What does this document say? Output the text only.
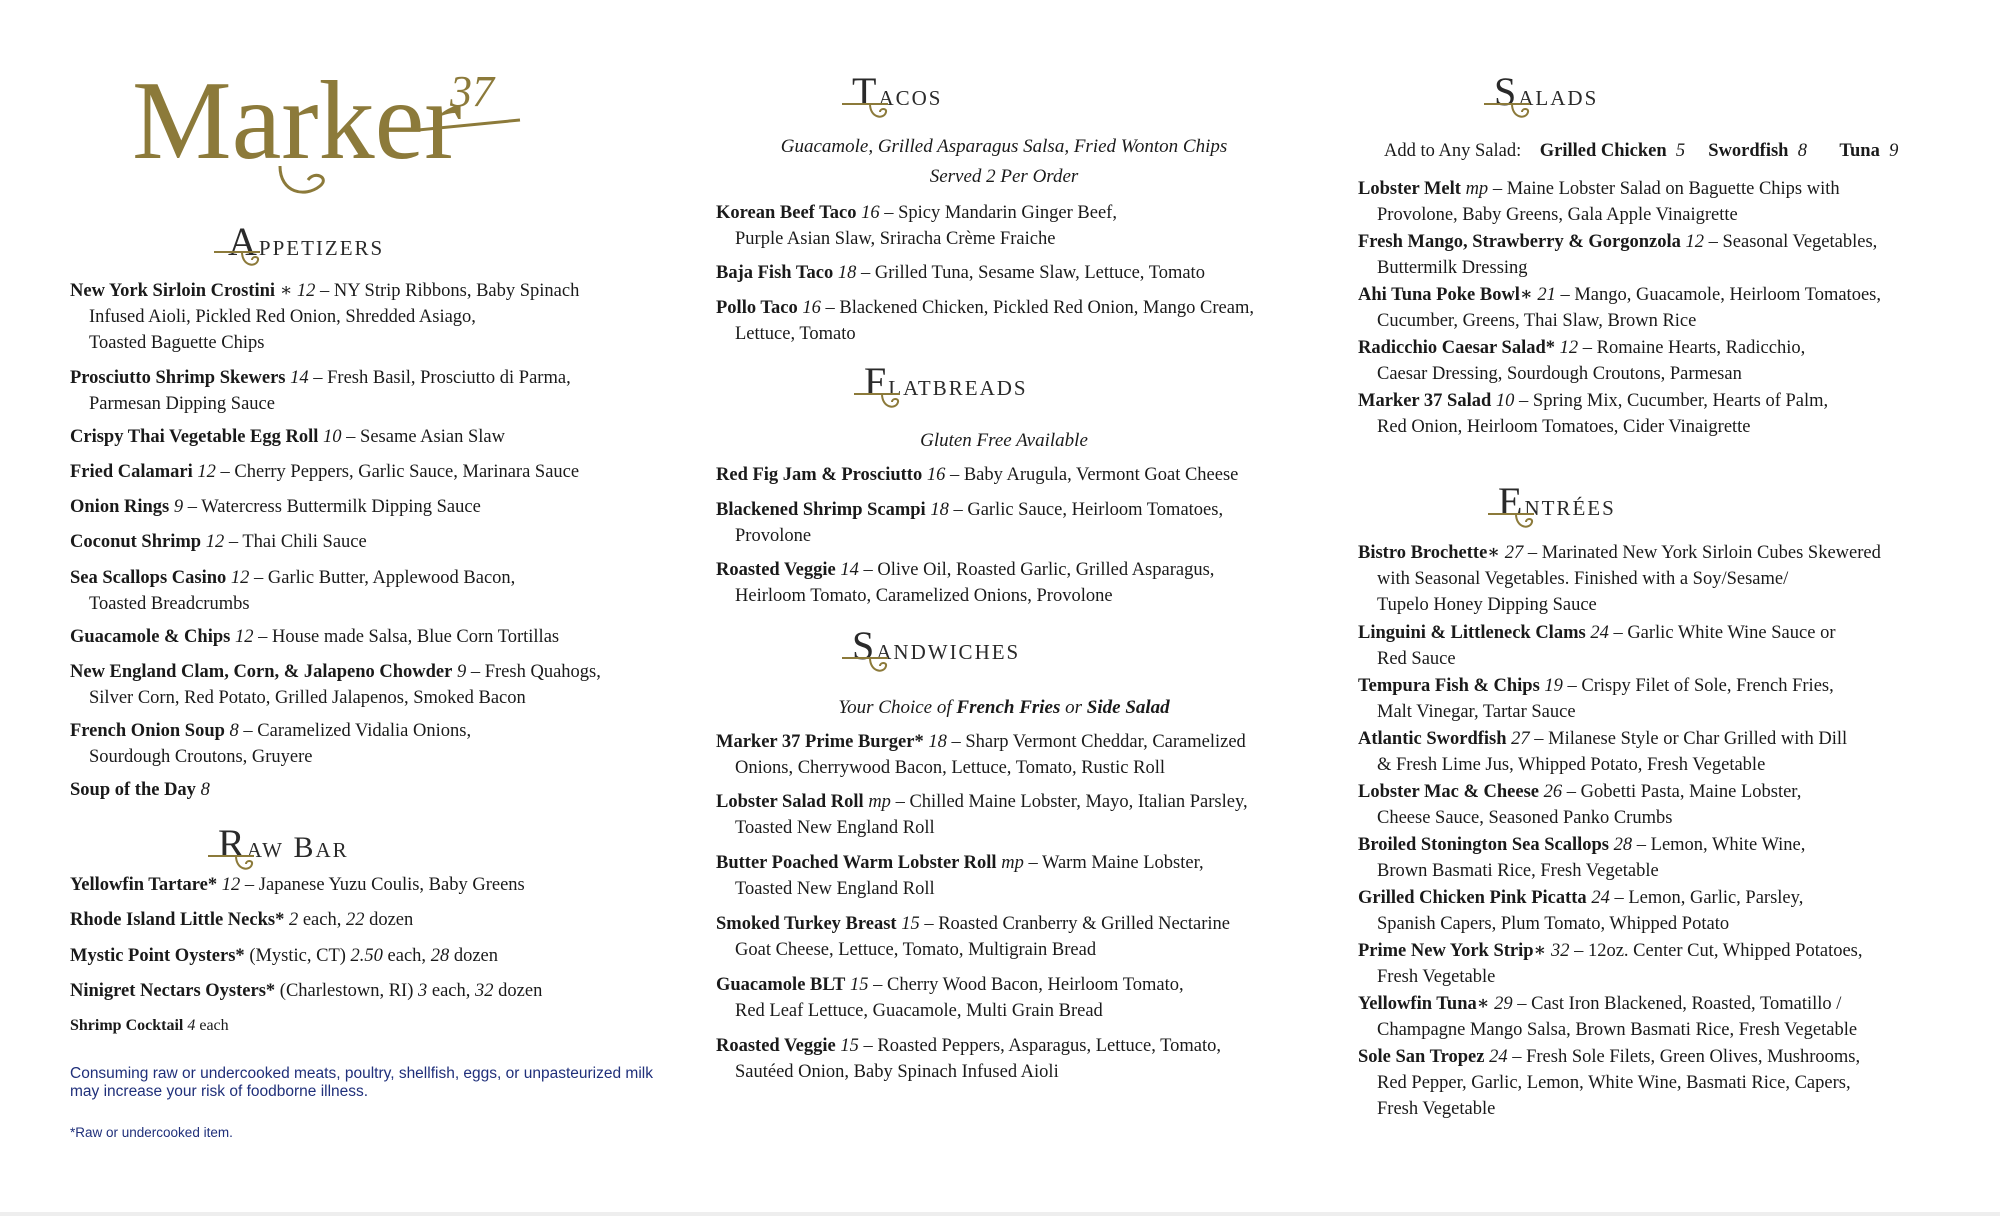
Marker
37
Appetizers
New York Sirloin Crostini ∗ 12 – NY Strip Ribbons, Baby Spinach
Infused Aioli, Pickled Red Onion, Shredded Asiago,
Toasted Baguette Chips
Prosciutto Shrimp Skewers 14 – Fresh Basil, Prosciutto di Parma,
Parmesan Dipping Sauce
Crispy Thai Vegetable Egg Roll 10 – Sesame Asian Slaw
Fried Calamari 12 – Cherry Peppers, Garlic Sauce, Marinara Sauce
Onion Rings 9 – Watercress Buttermilk Dipping Sauce
Coconut Shrimp 12 – Thai Chili Sauce
Sea Scallops Casino 12 – Garlic Butter, Applewood Bacon,
Toasted Breadcrumbs
Guacamole & Chips 12 – House made Salsa, Blue Corn Tortillas
New England Clam, Corn, & Jalapeno Chowder 9 – Fresh Quahogs,
Silver Corn, Red Potato, Grilled Jalapenos, Smoked Bacon
French Onion Soup 8 – Caramelized Vidalia Onions,
Sourdough Croutons, Gruyere
Soup of the Day 8
Raw Bar
Yellowfin Tartare* 12 – Japanese Yuzu Coulis, Baby Greens
Rhode Island Little Necks* 2 each, 22 dozen
Mystic Point Oysters* (Mystic, CT) 2.50 each, 28 dozen
Ninigret Nectars Oysters* (Charlestown, RI) 3 each, 32 dozen
Shrimp Cocktail 4 each
Consuming raw or undercooked meats, poultry, shellfish, eggs, or unpasteurized milk may increase your risk of foodborne illness.
*Raw or undercooked item.
Tacos
Guacamole, Grilled Asparagus Salsa, Fried Wonton Chips
Served 2 Per Order
Korean Beef Taco 16 – Spicy Mandarin Ginger Beef,
Purple Asian Slaw, Sriracha Crème Fraiche
Baja Fish Taco 18 – Grilled Tuna, Sesame Slaw, Lettuce, Tomato
Pollo Taco 16 – Blackened Chicken, Pickled Red Onion, Mango Cream,
Lettuce, Tomato
Flatbreads
Gluten Free Available
Red Fig Jam & Prosciutto 16 – Baby Arugula, Vermont Goat Cheese
Blackened Shrimp Scampi 18 – Garlic Sauce, Heirloom Tomatoes,
Provolone
Roasted Veggie 14 – Olive Oil, Roasted Garlic, Grilled Asparagus,
Heirloom Tomato, Caramelized Onions, Provolone
Sandwiches
Your Choice of French Fries or Side Salad
Marker 37 Prime Burger* 18 – Sharp Vermont Cheddar, Caramelized
Onions, Cherrywood Bacon, Lettuce, Tomato, Rustic Roll
Lobster Salad Roll mp – Chilled Maine Lobster, Mayo, Italian Parsley,
Toasted New England Roll
Butter Poached Warm Lobster Roll mp – Warm Maine Lobster,
Toasted New England Roll
Smoked Turkey Breast 15 – Roasted Cranberry & Grilled Nectarine
Goat Cheese, Lettuce, Tomato, Multigrain Bread
Guacamole BLT 15 – Cherry Wood Bacon, Heirloom Tomato,
Red Leaf Lettuce, Guacamole, Multi Grain Bread
Roasted Veggie 15 – Roasted Peppers, Asparagus, Lettuce, Tomato,
Sautéed Onion, Baby Spinach Infused Aioli
Salads
Add to Any Salad: Grilled Chicken 5 Swordfish 8 Tuna 9
Lobster Melt mp – Maine Lobster Salad on Baguette Chips with
Provolone, Baby Greens, Gala Apple Vinaigrette
Fresh Mango, Strawberry & Gorgonzola 12 – Seasonal Vegetables,
Buttermilk Dressing
Ahi Tuna Poke Bowl∗ 21 – Mango, Guacamole, Heirloom Tomatoes,
Cucumber, Greens, Thai Slaw, Brown Rice
Radicchio Caesar Salad* 12 – Romaine Hearts, Radicchio,
Caesar Dressing, Sourdough Croutons, Parmesan
Marker 37 Salad 10 – Spring Mix, Cucumber, Hearts of Palm,
Red Onion, Heirloom Tomatoes, Cider Vinaigrette
Entrées
Bistro Brochette∗ 27 – Marinated New York Sirloin Cubes Skewered
with Seasonal Vegetables. Finished with a Soy/Sesame/
Tupelo Honey Dipping Sauce
Linguini & Littleneck Clams 24 – Garlic White Wine Sauce or
Red Sauce
Tempura Fish & Chips 19 – Crispy Filet of Sole, French Fries,
Malt Vinegar, Tartar Sauce
Atlantic Swordfish 27 – Milanese Style or Char Grilled with Dill
& Fresh Lime Jus, Whipped Potato, Fresh Vegetable
Lobster Mac & Cheese 26 – Gobetti Pasta, Maine Lobster,
Cheese Sauce, Seasoned Panko Crumbs
Broiled Stonington Sea Scallops 28 – Lemon, White Wine,
Brown Basmati Rice, Fresh Vegetable
Grilled Chicken Pink Picatta 24 – Lemon, Garlic, Parsley,
Spanish Capers, Plum Tomato, Whipped Potato
Prime New York Strip∗ 32 – 12oz. Center Cut, Whipped Potatoes,
Fresh Vegetable
Yellowfin Tuna∗ 29 – Cast Iron Blackened, Roasted, Tomatillo /
Champagne Mango Salsa, Brown Basmati Rice, Fresh Vegetable
Sole San Tropez 24 – Fresh Sole Filets, Green Olives, Mushrooms,
Red Pepper, Garlic, Lemon, White Wine, Basmati Rice, Capers,
Fresh Vegetable
